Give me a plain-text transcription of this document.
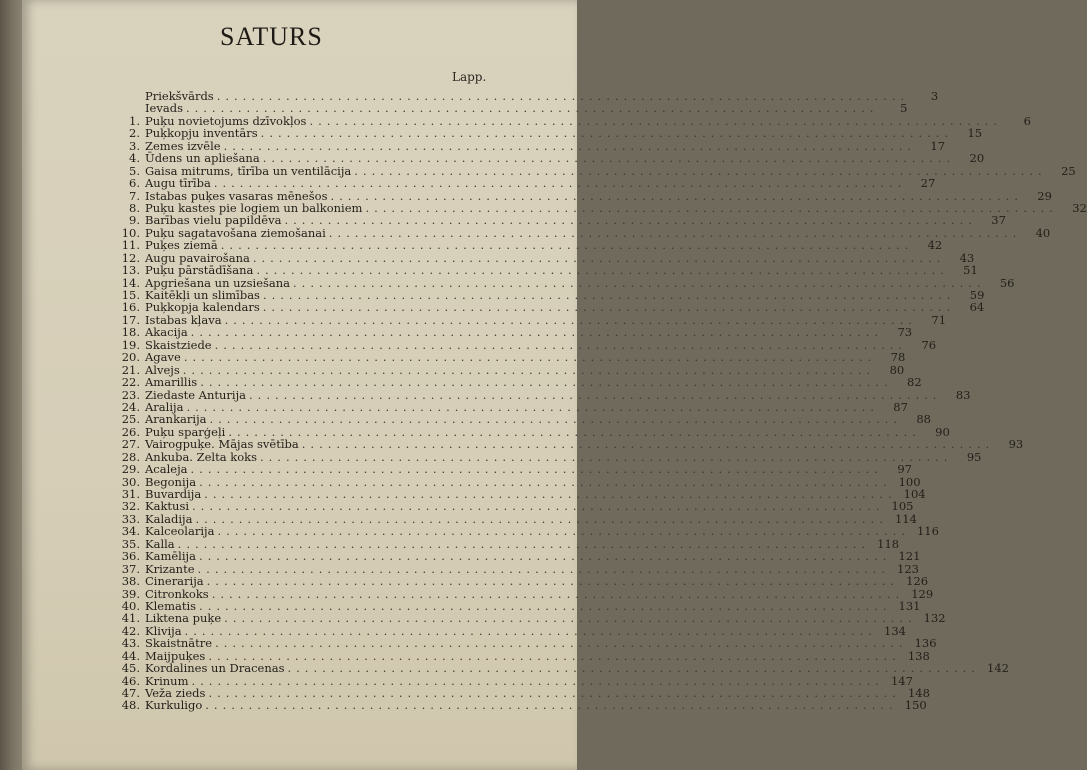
SATURS
Lapp.
Priekšvārds ................................................................................	3
Ievads ................................................................................	5
1. Puķu novietojums dzīvokļos ................................................................................	6
2. Puķkopju inventārs ................................................................................	15
3. Zemes izvēle ................................................................................	17
4. Ūdens un apliešana ................................................................................	20
5. Gaisa mitrums, tīrība un ventilācija ................................................................................	25
6. Augu tīrība ................................................................................	27
7. Istabas puķes vasaras mēnešos ................................................................................	29
8. Puķu kastes pie logiem un balkoniem ................................................................................	32
9. Barības vielu papildēva ................................................................................	37
10. Puķu sagatavošana ziemošanai ................................................................................	40
11. Puķes ziemā ................................................................................	42
12. Augu pavairošana ................................................................................	43
13. Puķu pārstādīšana ................................................................................	51
14. Apgriešana un uzsiešana ................................................................................	56
15. Kaitēkļi un slimības ................................................................................	59
16. Puķkopja kalendars ................................................................................	64
17. Istabas kļava ................................................................................	71
18. Akacija ................................................................................	73
19. Skaistziede ................................................................................	76
20. Agave ................................................................................	78
21. Alvejs ................................................................................	80
22. Amarillis ................................................................................	82
23. Ziedaste Anturija ................................................................................	83
24. Aralija ................................................................................	87
25. Arankarija ................................................................................	88
26. Puķu sparģeļi ................................................................................	90
27. Vairogpuķe. Mājas svētība ................................................................................	93
28. Ankuba. Zelta koks ................................................................................	95
29. Acaleja ................................................................................	97
30. Begonija ................................................................................ 100
31. Buvardija ................................................................................ 104
32. Kaktusi ................................................................................ 105
33. Kaladija ................................................................................ 114
34. Kalceolarija ................................................................................ 116
35. Kalla ................................................................................ 118
36. Kamēlija ................................................................................ 121
37. Krizante ................................................................................ 123
38. Cinerarija ................................................................................ 126
39. Citronkoks ................................................................................ 129
40. Klematis ................................................................................ 131
41. Liktena puķe ................................................................................ 132
42. Klivija ................................................................................ 134
43. Skaistnātre ................................................................................ 136
44. Maijpuķes ................................................................................ 138
45. Kordalines un Dracenas ................................................................................ 142
46. Krinum ................................................................................ 147
47. Veža zieds ................................................................................ 148
48. Kurkuligo ................................................................................ 150
